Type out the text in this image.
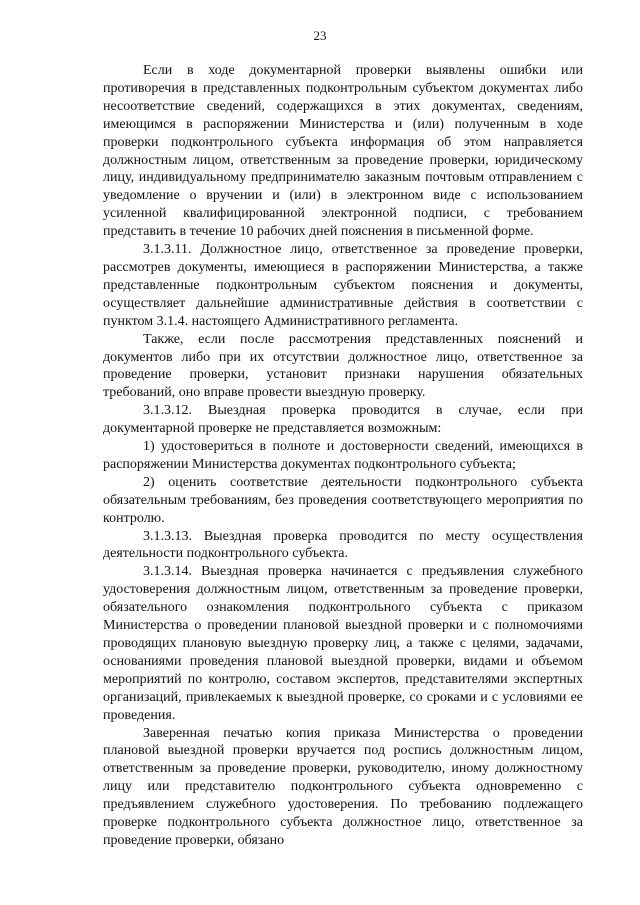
23

Если в ходе документарной проверки выявлены ошибки или противоречия в представленных подконтрольным субъектом документах либо несоответствие сведений, содержащихся в этих документах, сведениям, имеющимся в распоряжении Министерства и (или) полученным в ходе проверки подконтрольного субъекта информация об этом направляется должностным лицом, ответственным за проведение проверки, юридическому лицу, индивидуальному предпринимателю заказным почтовым отправлением с уведомление о вручении и (или) в электронном виде с использованием усиленной квалифицированной электронной подписи, с требованием представить в течение 10 рабочих дней пояснения в письменной форме.

3.1.3.11. Должностное лицо, ответственное за проведение проверки, рассмотрев документы, имеющиеся в распоряжении Министерства, а также представленные подконтрольным субъектом пояснения и документы, осуществляет дальнейшие административные действия в соответствии с пунктом 3.1.4. настоящего Административного регламента.

Также, если после рассмотрения представленных пояснений и документов либо при их отсутствии должностное лицо, ответственное за проведение проверки, установит признаки нарушения обязательных требований, оно вправе провести выездную проверку.

3.1.3.12. Выездная проверка проводится в случае, если при документарной проверке не представляется возможным:

1) удостовериться в полноте и достоверности сведений, имеющихся в распоряжении Министерства документах подконтрольного субъекта;

2) оценить соответствие деятельности подконтрольного субъекта обязательным требованиям, без проведения соответствующего мероприятия по контролю.

3.1.3.13. Выездная проверка проводится по месту осуществления деятельности подконтрольного субъекта.

3.1.3.14. Выездная проверка начинается с предъявления служебного удостоверения должностным лицом, ответственным за проведение проверки, обязательного ознакомления подконтрольного субъекта с приказом Министерства о проведении плановой выездной проверки и с полномочиями проводящих плановую выездную проверку лиц, а также с целями, задачами, основаниями проведения плановой выездной проверки, видами и объемом мероприятий по контролю, составом экспертов, представителями экспертных организаций, привлекаемых к выездной проверке, со сроками и с условиями ее проведения.

Заверенная печатью копия приказа Министерства о проведении плановой выездной проверки вручается под роспись должностным лицом, ответственным за проведение проверки, руководителю, иному должностному лицу или представителю подконтрольного субъекта одновременно с предъявлением служебного удостоверения. По требованию подлежащего проверке подконтрольного субъекта должностное лицо, ответственное за проведение проверки, обязано
